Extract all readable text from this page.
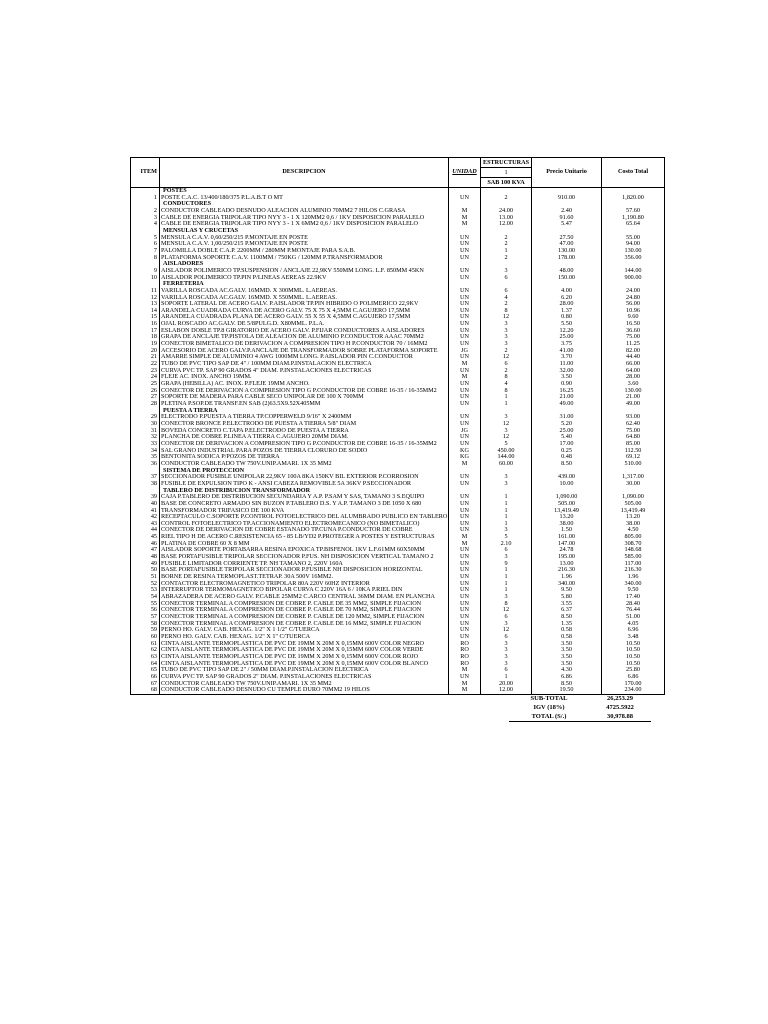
ITEM	DESCRIPCION	UNIDAD	ESTRUCTURAS	Precio Unitario	Costo Total
			1		
			SAB 100 KVA		
	POSTES				
1	POSTE C.A.C. 13/400/180/375 P.L.A.B.T O MT	UN	2	910.00	1,820.00
	CONDUCTORES				
2	CONDUCTOR CABLEADO DESNUDO ALEACION ALUMINIO 70MM2 7 HILOS C.GRASA	M	24.00	2.40	57.60
3	CABLE DE ENERGIA TRIPOLAR TIPO NYY 3 - 1 X 120MM2 0,6 / 1KV DISPOSICION PARALELO	M	13.00	91.60	1,190.80
4	CABLE DE ENERGIA TRIPOLAR TIPO NYY 3 - 1 X 6MM2 0,6 / 1KV DISPOSICION PARALELO	M	12.00	5.47	65.64
	MENSULAS Y CRUCETAS				
5	MENSULA C.A.V. 0,60/250/215 P.MONTAJE EN POSTE	UN	2	27.50	55.00
6	MENSULA C.A.V. 1,00/250/215 P.MONTAJE EN POSTE	UN	2	47.00	94.00
7	PALOMILLA DOBLE C.A.P. 2200MM / 280MM P.MONTAJE PARA S.A.B.	UN	1	130.00	130.00
8	PLATAFORMA SOPORTE C.A.V. 1100MM / 750KG / 120MM P.TRANSFORMADOR	UN	2	178.00	356.00
	AISLADORES				
9	AISLADOR POLIMERICO TP.SUSPENSION / ANCLAJE 22,9KV 550MM LONG. L.F. 850MM 45KN	UN	3	48.00	144.00
10	AISLADOR POLIMERICO TP.PIN P/LINEAS AEREAS 22.9KV	UN	6	150.00	900.00
	FERRETERIA				
11	VARILLA ROSCADA AC.GALV. 16MMD. X 300MML. L.AEREAS.	UN	6	4.00	24.00
12	VARILLA ROSCADA AC.GALV. 16MMD. X 550MML. L.AEREAS.	UN	4	6.20	24.80
13	SOPORTE LATERAL DE ACERO GALV. P.AISLADOR TP.PIN HIBRIDO O POLIMERICO 22,9KV	UN	2	28.00	56.00
14	ARANDELA CUADRADA CURVA DE ACERO GALV. 75 X 75 X 4,5MM C.AGUJERO 17,5MM	UN	8	1.37	10.96
15	ARANDELA CUADRADA PLANA DE ACERO GALV. 55 X 55 X 4,5MM C.AGUJERO 17,5MM	UN	12	0.80	9.60
16	OJAL ROSCADO AC.GALV. DE 5/8PULG.D. X80MML. P.L.A.	UN	3	5.50	16.50
17	ESLABON DOBLE TP.8 GIRATORIO DE ACERO GALV. P.FIJAR CONDUCTORES A AISLADORES	UN	3	12.20	36.60
18	GRAPA DE ANCLAJE TP.PISTOLA DE ALEACION DE ALUMINIO P.CONDUCTOR AAAC 70MM2	UN	3	25.00	75.00
19	CONECTOR BIMETALICO DE DERIVACION A COMPRESION TIPO H P.CONDUCTOR 70 / 16MM2	UN	3	3.75	11.25
20	ACCESORIO DE ACERO GALV.P.ANCLAJE DE TRANSFORMADOR SOBRE PLATAFORMA SOPORTE	JG	2	41.00	82.00
21	AMARRE SIMPLE DE ALUMINIO 4 AWG 1000MM LONG. P.AISLADOR PIN C.CONDUCTOR	UN	12	3.70	44.40
22	TUBO DE PVC TIPO SAP DE 4" / 100MM DIAM.P.INSTALACION ELECTRICA	M	6	11.00	66.00
23	CURVA PVC TP. SAP 90 GRADOS 4" DIAM. P.INSTALACIONES ELECTRICAS	UN	2	32.00	64.00
24	FLEJE AC. INOX. ANCHO 19MM.	M	8	3.50	28.00
25	GRAPA (HEBILLA) AC. INOX. P.FLEJE 19MM ANCHO.	UN	4	0.90	3.60
26	CONECTOR DE DERIVACION A COMPRESION TIPO G P.CONDUCTOR DE COBRE 16-35 / 16-35MM2	UN	8	16.25	130.00
27	SOPORTE DE MADERA PARA CABLE SECO UNIPOLAR DE 100 X 700MM	UN	1	21.00	21.00
28	PLETINA P.SOP.DE TRANSF.EN SAB (2)63.5X9.52X405MM	UN	1	49.00	49.00
	PUESTA A TIERRA				
29	ELECTRODO P.PUESTA A TIERRA TP.COPPERWELD 9/16" X 2400MM	UN	3	31.00	93.00
30	CONECTOR BRONCE P.ELECTRODO DE PUESTA A TIERRA 5/8" DIAM	UN	12	5.20	62.40
31	BOVEDA CONCRETO C.TAPA P.ELECTRODO DE PUESTA A TIERRA	JG	3	25.00	75.00
32	PLANCHA DE COBRE P.LINEA A TIERRA C.AGUJERO 20MM DIAM.	UN	12	5.40	64.80
33	CONECTOR DE DERIVACION A COMPRESION TIPO G P.CONDUCTOR DE COBRE 16-35 / 16-35MM2	UN	5	17.00	85.00
34	SAL GRANO INDUSTRIAL PARA POZOS DE TIERRA CLORURO DE SODIO	KG	450.00	0.25	112.50
35	BENTONITA SODICA P/POZOS DE TIERRA	KG	144.00	0.48	69.12
36	CONDUCTOR CABLEADO TW 750V.UNIP.AMARI. 1X 35 MM2	M	60.00	8.50	510.00
	SISTEMA DE PROTECCION				
37	SECCIONADOR FUSIBLE UNIPOLAR 22,9KV 100A 8KA 150KV BIL EXTERIOR P.CORROSION	UN	3	439.00	1,317.00
38	FUSIBLE DE EXPULSION TIPO K - ANSI CABEZA REMOVIBLE 5A 36KV P.SECCIONADOR	UN	3	10.00	30.00
	TABLERO DE DISTRIBUCION TRANSFORMADOR				
39	CAJA P.TABLERO DE DISTRIBUCION SECUNDARIA Y A.P. P.SAM Y SAS, TAMANO 3 S.EQUIPO	UN	1	1,090.00	1,090.00
40	BASE DE CONCRETO ARMADO SIN BUZON P.TABLERO D.S. Y A.P. TAMANO 3 DE 1050 X 680	UN	1	505.00	505.00
41	TRANSFORMADOR TRIFASICO DE 100 KVA	UN	1	13,419.49	13,419.49
42	RECEPTACULO C.SOPORTE P.CONTROL FOTOELECTRICO DEL ALUMBRADO PUBLICO EN TABLERO	UN	1	13.20	13.20
43	CONTROL FOTOELECTRICO TP.ACCIONAMIENTO ELECTROMECANICO (NO BIMETALICO)	UN	1	38.00	38.00
44	CONECTOR DE DERIVACION DE COBRE ESTANADO TP.CUNA P.CONDUCTOR DE COBRE	UN	3	1.50	4.50
45	RIEL TIPO H DE ACERO C.RESISTENCIA 65 - 85 LB/YD2 P.PROTEGER A POSTES Y ESTRUCTURAS	M	5	161.00	805.00
46	PLATINA DE COBRE 60 X 8 MM	M	2.10	147.00	308.70
47	AISLADOR SOPORTE PORTABARRA RESINA EPOXICA TP.BISFENOL 1KV L.F.61MM 60X50MM	UN	6	24.78	148.68
48	BASE PORTAFUSIBLE TRIPOLAR SECCIONADOR P.FUS. NH DISPOSICION VERTICAL TAMANO 2	UN	3	195.00	585.00
49	FUSIBLE LIMITADOR CORRIENTE TP. NH TAMANO 2, 220V 160A	UN	9	13.00	117.00
50	BASE PORTAFUSIBLE TRIPOLAR SECCIONADOR P.FUSIBLE NH DISPOSICION HORIZONTAL	UN	1	216.30	216.30
51	BORNE DE RESINA TERMOPLAST.TETRAP. 30A 500V 16MM2.	UN	1	1.96	1.96
52	CONTACTOR ELECTROMAGNETICO TRIPOLAR 80A 220V 60HZ INTERIOR	UN	1	340.00	340.00
53	INTERRUPTOR TERMOMAGNETICO BIPOLAR CURVA C 220V 16A 6 / 10KA P.RIEL DIN	UN	1	9.50	9.50
54	ABRAZADERA DE ACERO GALV. P.CABLE 25MM2 C.ARCO CENTRAL 36MM DIAM. EN PLANCHA	UN	3	5.80	17.40
55	CONECTOR TERMINAL A COMPRESION DE COBRE P. CABLE DE 35 MM2, SIMPLE FIJACION	UN	8	3.55	28.40
56	CONECTOR TERMINAL A COMPRESION DE COBRE P. CABLE DE 70 MM2, SIMPLE FIJACION	UN	12	6.37	76.44
57	CONECTOR TERMINAL A COMPRESION DE COBRE P. CABLE DE 120 MM2, SIMPLE FIJACION	UN	6	8.50	51.00
58	CONECTOR TERMINAL A COMPRESION DE COBRE P. CABLE DE 16 MM2, SIMPLE FIJACION	UN	3	1.35	4.05
59	PERNO HO. GALV. CAB. HEXAG. 1/2" X 1 1/2" C/TUERCA	UN	12	0.58	6.96
60	PERNO HO. GALV. CAB. HEXAG. 1/2" X 1" C/TUERCA	UN	6	0.58	3.48
61	CINTA AISLANTE TERMOPLASTICA DE PVC DE 19MM X 20M X 0,15MM 600V COLOR NEGRO	RO	3	3.50	10.50
62	CINTA AISLANTE TERMOPLASTICA DE PVC DE 19MM X 20M X 0,15MM 600V COLOR VERDE	RO	3	3.50	10.50
63	CINTA AISLANTE TERMOPLASTICA DE PVC DE 19MM X 20M X 0,15MM 600V COLOR ROJO	RO	3	3.50	10.50
64	CINTA AISLANTE TERMOPLASTICA DE PVC DE 19MM X 20M X 0,15MM 600V COLOR BLANCO	RO	3	3.50	10.50
65	TUBO DE PVC TIPO SAP DE 2" / 50MM DIAM.P.INSTALACION ELECTRICA	M	6	4.30	25.80
66	CURVA PVC TP. SAP 90 GRADOS 2" DIAM. P.INSTALACIONES ELECTRICAS	UN	1	6.86	6.86
67	CONDUCTOR CABLEADO TW 750V.UNIP.AMARI. 1X 35 MM2	M	20.00	8.50	170.00
68	CONDUCTOR CABLEADO DESNUDO CU TEMPLE DURO 70MM2 19 HILOS	M	12.00	19.50	234.00
SUB-TOTAL	26,253.29
IGV (18%)	4725.5922
TOTAL (S/.)	30,978.88
